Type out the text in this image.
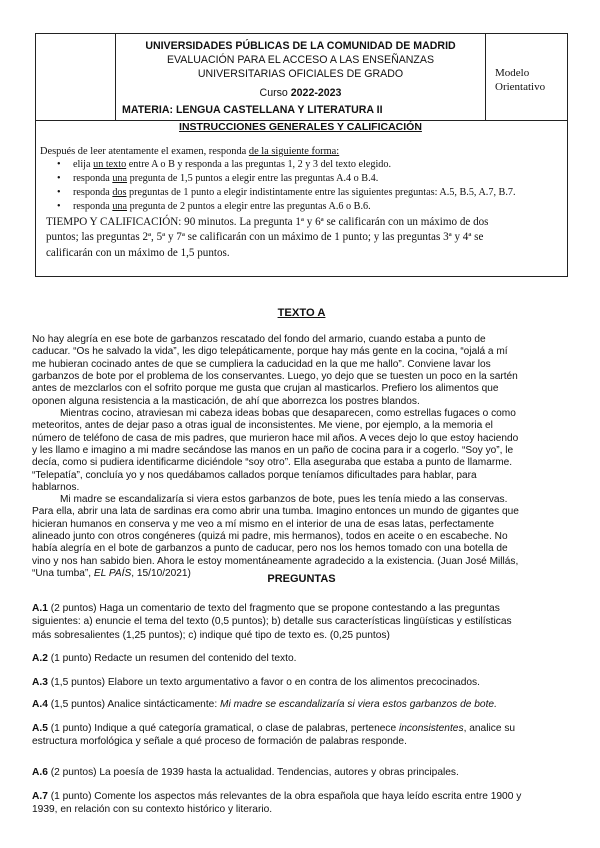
UNIVERSIDADES PÚBLICAS DE LA COMUNIDAD DE MADRID
EVALUACIÓN PARA EL ACCESO A LAS ENSEÑANZAS
UNIVERSITARIAS OFICIALES DE GRADO
Curso 2022-2023
MATERIA: LENGUA CASTELLANA Y LITERATURA II
Modelo
Orientativo
INSTRUCCIONES GENERALES Y CALIFICACIÓN
Después de leer atentamente el examen, responda de la siguiente forma:
• elija un texto entre A o B y responda a las preguntas 1, 2 y 3 del texto elegido.
• responda una pregunta de 1,5 puntos a elegir entre las preguntas A.4 o B.4.
• responda dos preguntas de 1 punto a elegir indistintamente entre las siguientes preguntas: A.5, B.5, A.7, B.7.
• responda una pregunta de 2 puntos a elegir entre las preguntas A.6 o B.6.
TIEMPO Y CALIFICACIÓN: 90 minutos. La pregunta 1ª y 6ª se calificarán con un máximo de dos
puntos; las preguntas 2ª, 5ª y 7ª se calificarán con un máximo de 1 punto; y las preguntas 3ª y 4ª se
calificarán con un máximo de 1,5 puntos.
TEXTO A
No hay alegría en ese bote de garbanzos rescatado del fondo del armario, cuando estaba a punto de
caducar. “Os he salvado la vida”, les digo telepáticamente, porque hay más gente en la cocina, “ojalá a mí
me hubieran cocinado antes de que se cumpliera la caducidad en la que me hallo”. Conviene lavar los
garbanzos de bote por el problema de los conservantes. Luego, yo dejo que se tuesten un poco en la sartén
antes de mezclarlos con el sofrito porque me gusta que crujan al masticarlos. Prefiero los alimentos que
oponen alguna resistencia a la masticación, de ahí que aborrezca los postres blandos.
Mientras cocino, atraviesan mi cabeza ideas bobas que desaparecen, como estrellas fugaces o como
meteoritos, antes de dejar paso a otras igual de inconsistentes. Me viene, por ejemplo, a la memoria el
número de teléfono de casa de mis padres, que murieron hace mil años. A veces dejo lo que estoy haciendo
y les llamo e imagino a mi madre secándose las manos en un paño de cocina para ir a cogerlo. “Soy yo”, le
decía, como si pudiera identificarme diciéndole “soy otro”. Ella aseguraba que estaba a punto de llamarme.
“Telepatía”, concluía yo y nos quedábamos callados porque teníamos dificultades para hablar, para
hablarnos.
Mi madre se escandalizaría si viera estos garbanzos de bote, pues les tenía miedo a las conservas.
Para ella, abrir una lata de sardinas era como abrir una tumba. Imagino entonces un mundo de gigantes que
hicieran humanos en conserva y me veo a mí mismo en el interior de una de esas latas, perfectamente
alineado junto con otros congéneres (quizá mi padre, mis hermanos), todos en aceite o en escabeche. No
había alegría en el bote de garbanzos a punto de caducar, pero nos los hemos tomado con una botella de
vino y nos han sabido bien. Ahora le estoy momentáneamente agradecido a la existencia. (Juan José Millás,
“Una tumba”, EL PAÍS, 15/10/2021)	PREGUNTAS
A.1 (2 puntos) Haga un comentario de texto del fragmento que se propone contestando a las preguntas
siguientes: a) enuncie el tema del texto (0,5 puntos); b) detalle sus características lingüísticas y estilísticas
más sobresalientes (1,25 puntos); c) indique qué tipo de texto es. (0,25 puntos)
A.2 (1 punto) Redacte un resumen del contenido del texto.
A.3 (1,5 puntos) Elabore un texto argumentativo a favor o en contra de los alimentos precocinados.
A.4 (1,5 puntos) Analice sintácticamente: Mi madre se escandalizaría si viera estos garbanzos de bote.
A.5 (1 punto) Indique a qué categoría gramatical, o clase de palabras, pertenece inconsistentes, analice su
estructura morfológica y señale a qué proceso de formación de palabras responde.
A.6 (2 puntos) La poesía de 1939 hasta la actualidad. Tendencias, autores y obras principales.
A.7 (1 punto) Comente los aspectos más relevantes de la obra española que haya leído escrita entre 1900 y
1939, en relación con su contexto histórico y literario.
